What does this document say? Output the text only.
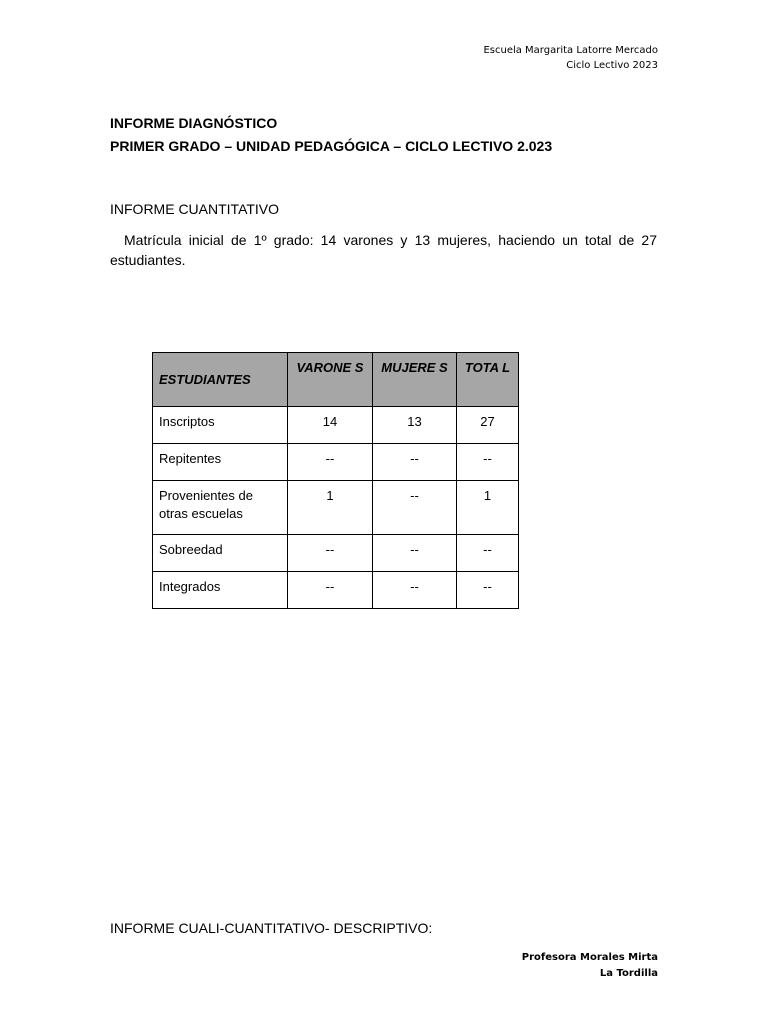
Escuela Margarita Latorre Mercado
Ciclo Lectivo 2023
INFORME DIAGNÓSTICO
PRIMER GRADO – UNIDAD PEDAGÓGICA – CICLO LECTIVO 2.023
INFORME CUANTITATIVO
Matrícula inicial de 1º grado: 14 varones y 13 mujeres, haciendo un total de 27 estudiantes.
ESTUDIANTES	VARONE S	MUJERE S	TOTA L
Inscriptos	14	13	27
Repitentes	--	--	--
Provenientes de otras escuelas	1	--	1
Sobreedad	--	--	--
Integrados	--	--	--
INFORME CUALI-CUANTITATIVO- DESCRIPTIVO:
Profesora Morales Mirta
La Tordilla
